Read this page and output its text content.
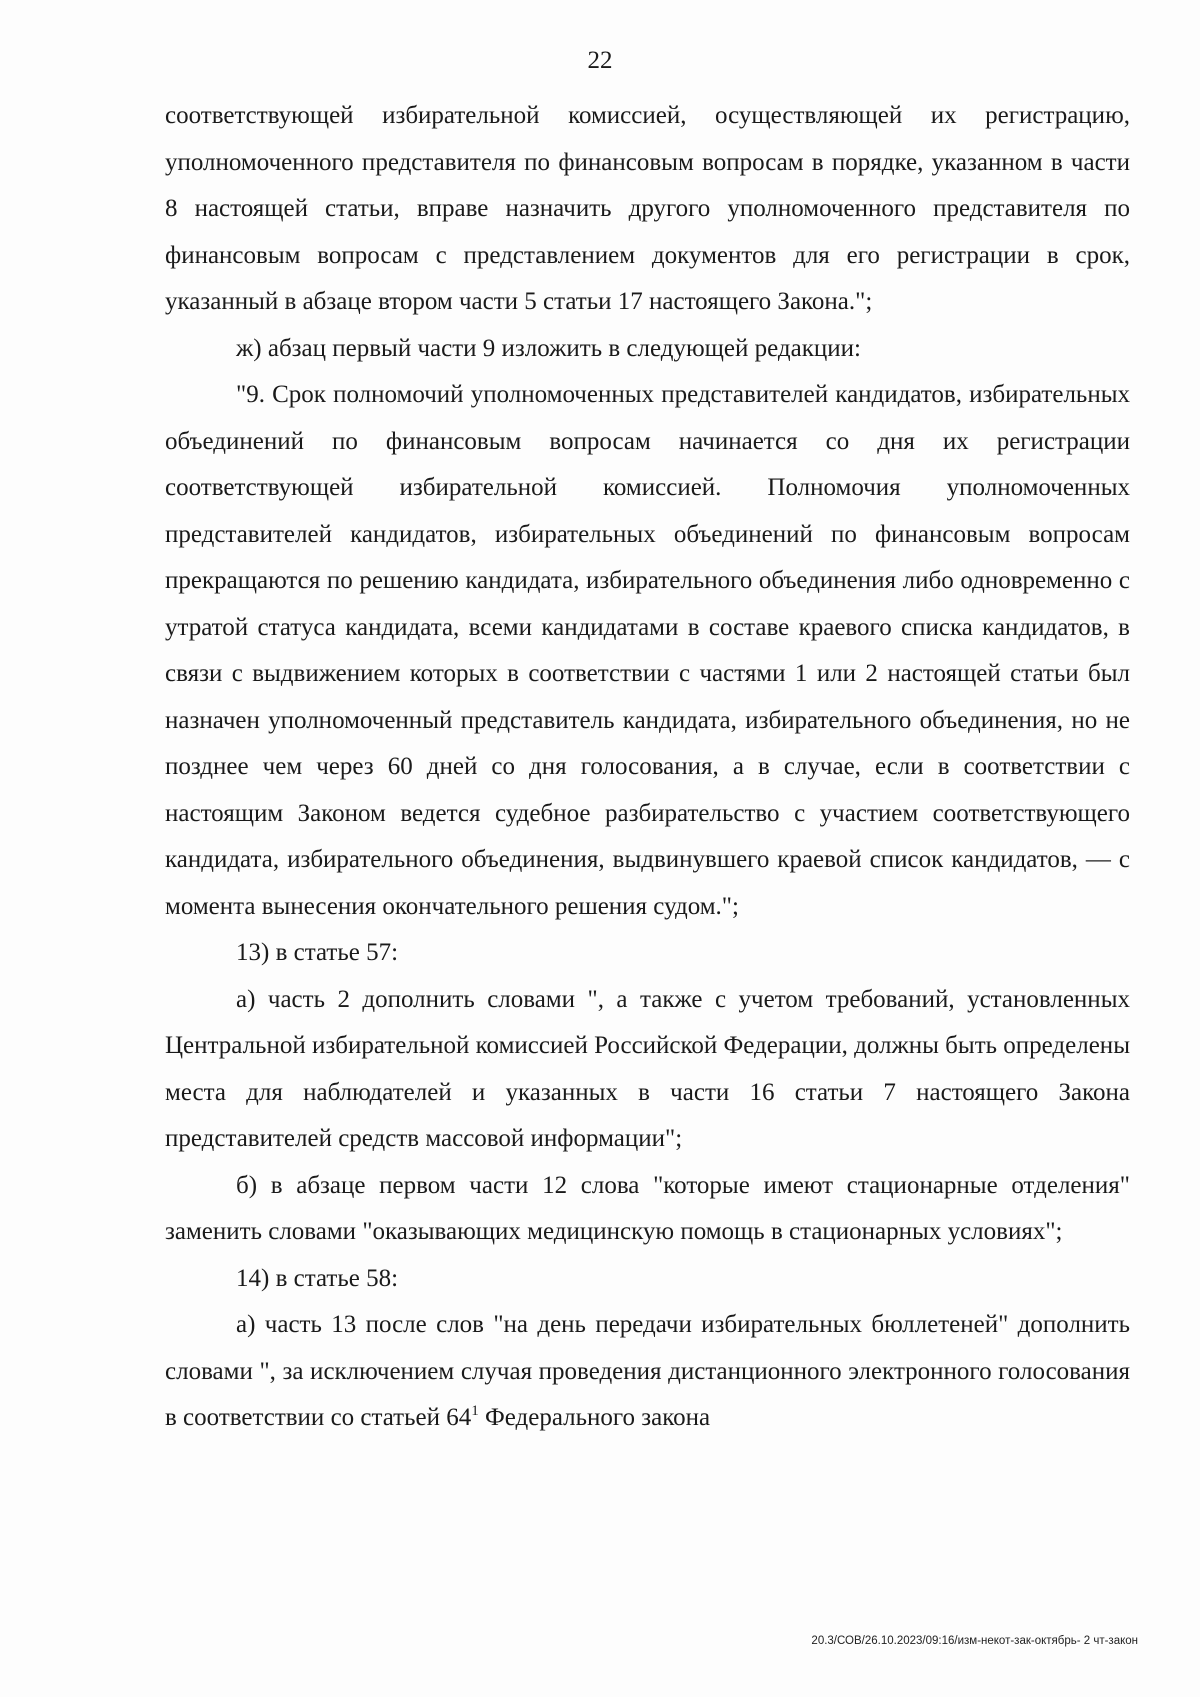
22

соответствующей избирательной комиссией, осуществляющей их регистрацию, уполномоченного представителя по финансовым вопросам в порядке, указанном в части 8 настоящей статьи, вправе назначить другого уполномоченного представителя по финансовым вопросам с представлением документов для его регистрации в срок, указанный в абзаце втором части 5 статьи 17 настоящего Закона.";

ж) абзац первый части 9 изложить в следующей редакции:

"9. Срок полномочий уполномоченных представителей кандидатов, избирательных объединений по финансовым вопросам начинается со дня их регистрации соответствующей избирательной комиссией. Полномочия уполномоченных представителей кандидатов, избирательных объединений по финансовым вопросам прекращаются по решению кандидата, избирательного объединения либо одновременно с утратой статуса кандидата, всеми кандидатами в составе краевого списка кандидатов, в связи с выдвижением которых в соответствии с частями 1 или 2 настоящей статьи был назначен уполномоченный представитель кандидата, избирательного объединения, но не позднее чем через 60 дней со дня голосования, а в случае, если в соответствии с настоящим Законом ведется судебное разбирательство с участием соответствующего кандидата, избирательного объединения, выдвинувшего краевой список кандидатов, — с момента вынесения окончательного решения судом.";

13) в статье 57:

а) часть 2 дополнить словами ", а также с учетом требований, установленных Центральной избирательной комиссией Российской Федерации, должны быть определены места для наблюдателей и указанных в части 16 статьи 7 настоящего Закона представителей средств массовой информации";

б) в абзаце первом части 12 слова "которые имеют стационарные отделения" заменить словами "оказывающих медицинскую помощь в стационарных условиях";

14) в статье 58:

а) часть 13 после слов "на день передачи избирательных бюллетеней" дополнить словами ", за исключением случая проведения дистанционного электронного голосования в соответствии со статьей $64^1$ Федерального закона

20.3/СОВ/26.10.2023/09:16/изм-некот-зак-октябрь- 2 чт-закон
